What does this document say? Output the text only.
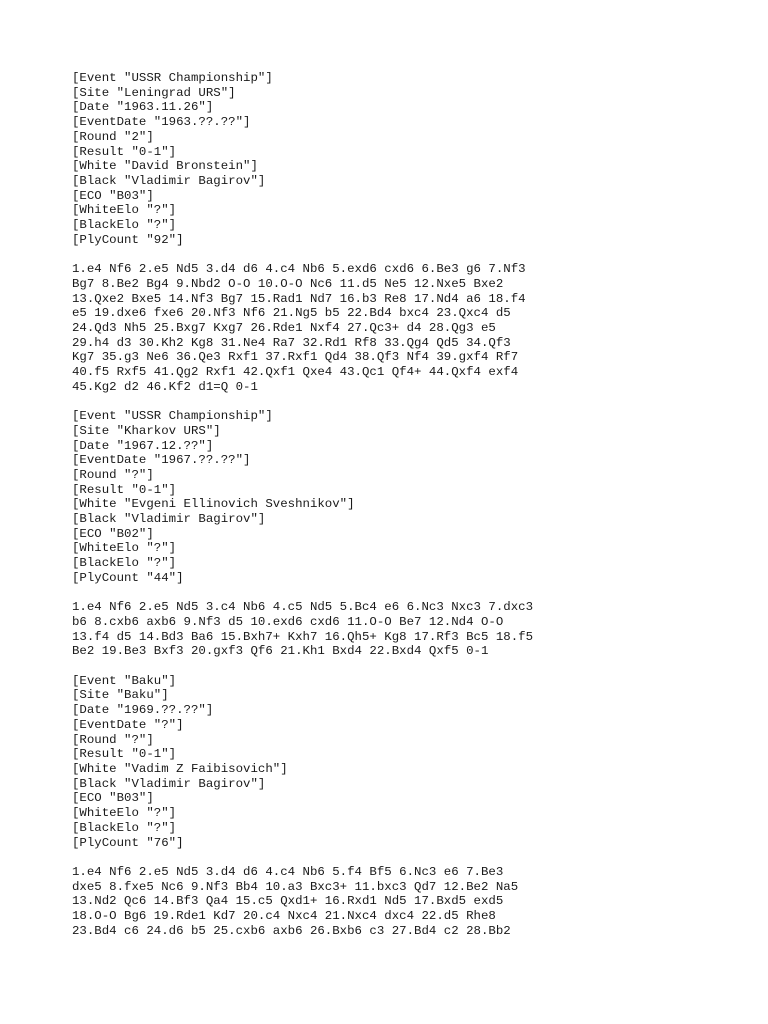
[Event "USSR Championship"]
[Site "Leningrad URS"]
[Date "1963.11.26"]
[EventDate "1963.??.??"]
[Round "2"]
[Result "0-1"]
[White "David Bronstein"]
[Black "Vladimir Bagirov"]
[ECO "B03"]
[WhiteElo "?"]
[BlackElo "?"]
[PlyCount "92"]
1.e4 Nf6 2.e5 Nd5 3.d4 d6 4.c4 Nb6 5.exd6 cxd6 6.Be3 g6 7.Nf3
Bg7 8.Be2 Bg4 9.Nbd2 O-O 10.O-O Nc6 11.d5 Ne5 12.Nxe5 Bxe2
13.Qxe2 Bxe5 14.Nf3 Bg7 15.Rad1 Nd7 16.b3 Re8 17.Nd4 a6 18.f4
e5 19.dxe6 fxe6 20.Nf3 Nf6 21.Ng5 b5 22.Bd4 bxc4 23.Qxc4 d5
24.Qd3 Nh5 25.Bxg7 Kxg7 26.Rde1 Nxf4 27.Qc3+ d4 28.Qg3 e5
29.h4 d3 30.Kh2 Kg8 31.Ne4 Ra7 32.Rd1 Rf8 33.Qg4 Qd5 34.Qf3
Kg7 35.g3 Ne6 36.Qe3 Rxf1 37.Rxf1 Qd4 38.Qf3 Nf4 39.gxf4 Rf7
40.f5 Rxf5 41.Qg2 Rxf1 42.Qxf1 Qxe4 43.Qc1 Qf4+ 44.Qxf4 exf4
45.Kg2 d2 46.Kf2 d1=Q 0-1
[Event "USSR Championship"]
[Site "Kharkov URS"]
[Date "1967.12.??"]
[EventDate "1967.??.??"]
[Round "?"]
[Result "0-1"]
[White "Evgeni Ellinovich Sveshnikov"]
[Black "Vladimir Bagirov"]
[ECO "B02"]
[WhiteElo "?"]
[BlackElo "?"]
[PlyCount "44"]
1.e4 Nf6 2.e5 Nd5 3.c4 Nb6 4.c5 Nd5 5.Bc4 e6 6.Nc3 Nxc3 7.dxc3
b6 8.cxb6 axb6 9.Nf3 d5 10.exd6 cxd6 11.O-O Be7 12.Nd4 O-O
13.f4 d5 14.Bd3 Ba6 15.Bxh7+ Kxh7 16.Qh5+ Kg8 17.Rf3 Bc5 18.f5
Be2 19.Be3 Bxf3 20.gxf3 Qf6 21.Kh1 Bxd4 22.Bxd4 Qxf5 0-1
[Event "Baku"]
[Site "Baku"]
[Date "1969.??.??"]
[EventDate "?"]
[Round "?"]
[Result "0-1"]
[White "Vadim Z Faibisovich"]
[Black "Vladimir Bagirov"]
[ECO "B03"]
[WhiteElo "?"]
[BlackElo "?"]
[PlyCount "76"]
1.e4 Nf6 2.e5 Nd5 3.d4 d6 4.c4 Nb6 5.f4 Bf5 6.Nc3 e6 7.Be3
dxe5 8.fxe5 Nc6 9.Nf3 Bb4 10.a3 Bxc3+ 11.bxc3 Qd7 12.Be2 Na5
13.Nd2 Qc6 14.Bf3 Qa4 15.c5 Qxd1+ 16.Rxd1 Nd5 17.Bxd5 exd5
18.O-O Bg6 19.Rde1 Kd7 20.c4 Nxc4 21.Nxc4 dxc4 22.d5 Rhe8
23.Bd4 c6 24.d6 b5 25.cxb6 axb6 26.Bxb6 c3 27.Bd4 c2 28.Bb2
